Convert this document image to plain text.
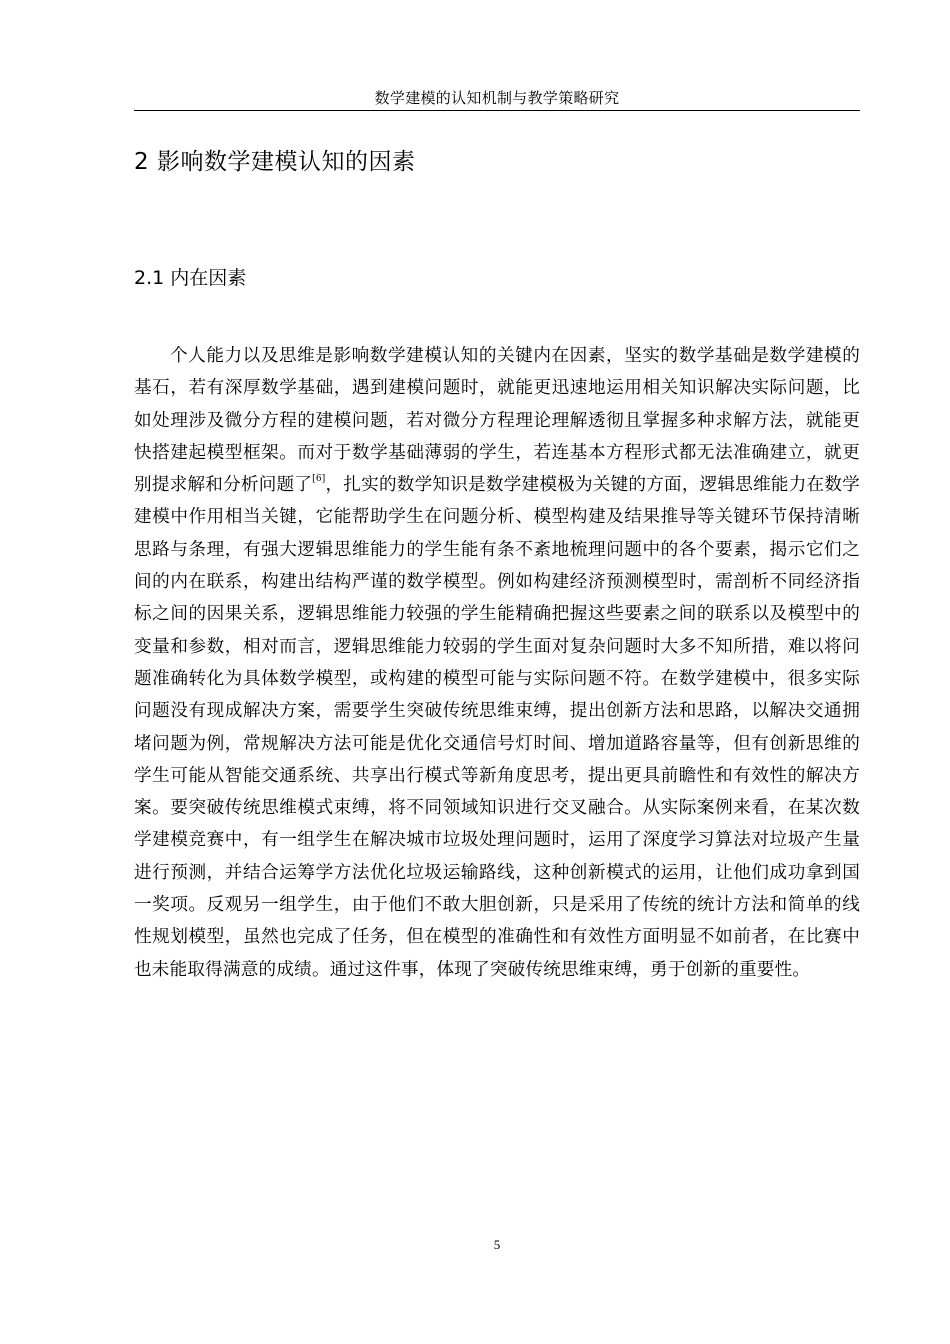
数学建模的认知机制与教学策略研究
2 影响数学建模认知的因素
2.1 内在因素

个人能力以及思维是影响数学建模认知的关键内在因素，坚实的数学基础是数学建模的基石，若有深厚数学基础，遇到建模问题时，就能更迅速地运用相关知识解决实际问题，比如处理涉及微分方程的建模问题，若对微分方程理论理解透彻且掌握多种求解方法，就能更快搭建起模型框架。而对于数学基础薄弱的学生，若连基本方程形式都无法准确建立，就更别提求解和分析问题了[6]，扎实的数学知识是数学建模极为关键的方面，逻辑思维能力在数学建模中作用相当关键，它能帮助学生在问题分析、模型构建及结果推导等关键环节保持清晰思路与条理，有强大逻辑思维能力的学生能有条不紊地梳理问题中的各个要素，揭示它们之间的内在联系，构建出结构严谨的数学模型。例如构建经济预测模型时，需剖析不同经济指标之间的因果关系，逻辑思维能力较强的学生能精确把握这些要素之间的联系以及模型中的变量和参数，相对而言，逻辑思维能力较弱的学生面对复杂问题时大多不知所措，难以将问题准确转化为具体数学模型，或构建的模型可能与实际问题不符。在数学建模中，很多实际问题没有现成解决方案，需要学生突破传统思维束缚，提出创新方法和思路，以解决交通拥堵问题为例，常规解决方法可能是优化交通信号灯时间、增加道路容量等，但有创新思维的学生可能从智能交通系统、共享出行模式等新角度思考，提出更具前瞻性和有效性的解决方案。要突破传统思维模式束缚，将不同领域知识进行交叉融合。从实际案例来看，在某次数学建模竞赛中，有一组学生在解决城市垃圾处理问题时，运用了深度学习算法对垃圾产生量进行预测，并结合运筹学方法优化垃圾运输路线，这种创新模式的运用，让他们成功拿到国一奖项。反观另一组学生，由于他们不敢大胆创新，只是采用了传统的统计方法和简单的线性规划模型，虽然也完成了任务，但在模型的准确性和有效性方面明显不如前者，在比赛中也未能取得满意的成绩。通过这件事，体现了突破传统思维束缚，勇于创新的重要性。

5
